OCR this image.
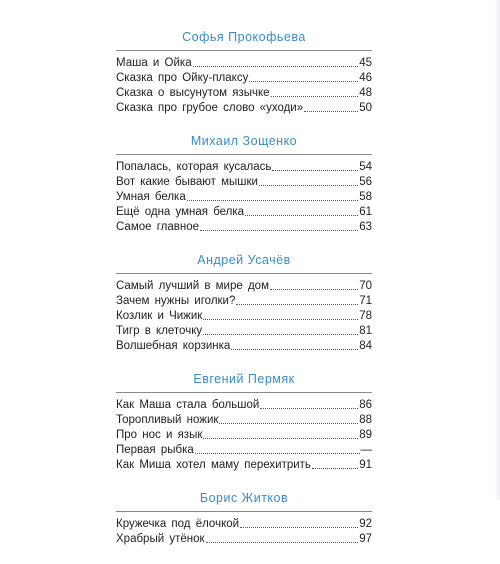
Софья Прокофьева
Маша и Ойка	45
Сказка про Ойку-плаксу	46
Сказка о высунутом язычке	48
Сказка про грубое слово «уходи»	50
Михаил Зощенко
Попалась, которая кусалась	54
Вот какие бывают мышки	56
Умная белка	58
Ещё одна умная белка	61
Самое главное	63
Андрей Усачёв
Самый лучший в мире дом	70
Зачем нужны иголки?	71
Козлик и Чижик	78
Тигр в клеточку	81
Волшебная корзинка	84
Евгений Пермяк
Как Маша стала большой	86
Торопливый ножик	88
Про нос и язык	89
Первая рыбка	—
Как Миша хотел маму перехитрить	91
Борис Житков
Кружечка под ёлочкой	92
Храбрый утёнок	97
